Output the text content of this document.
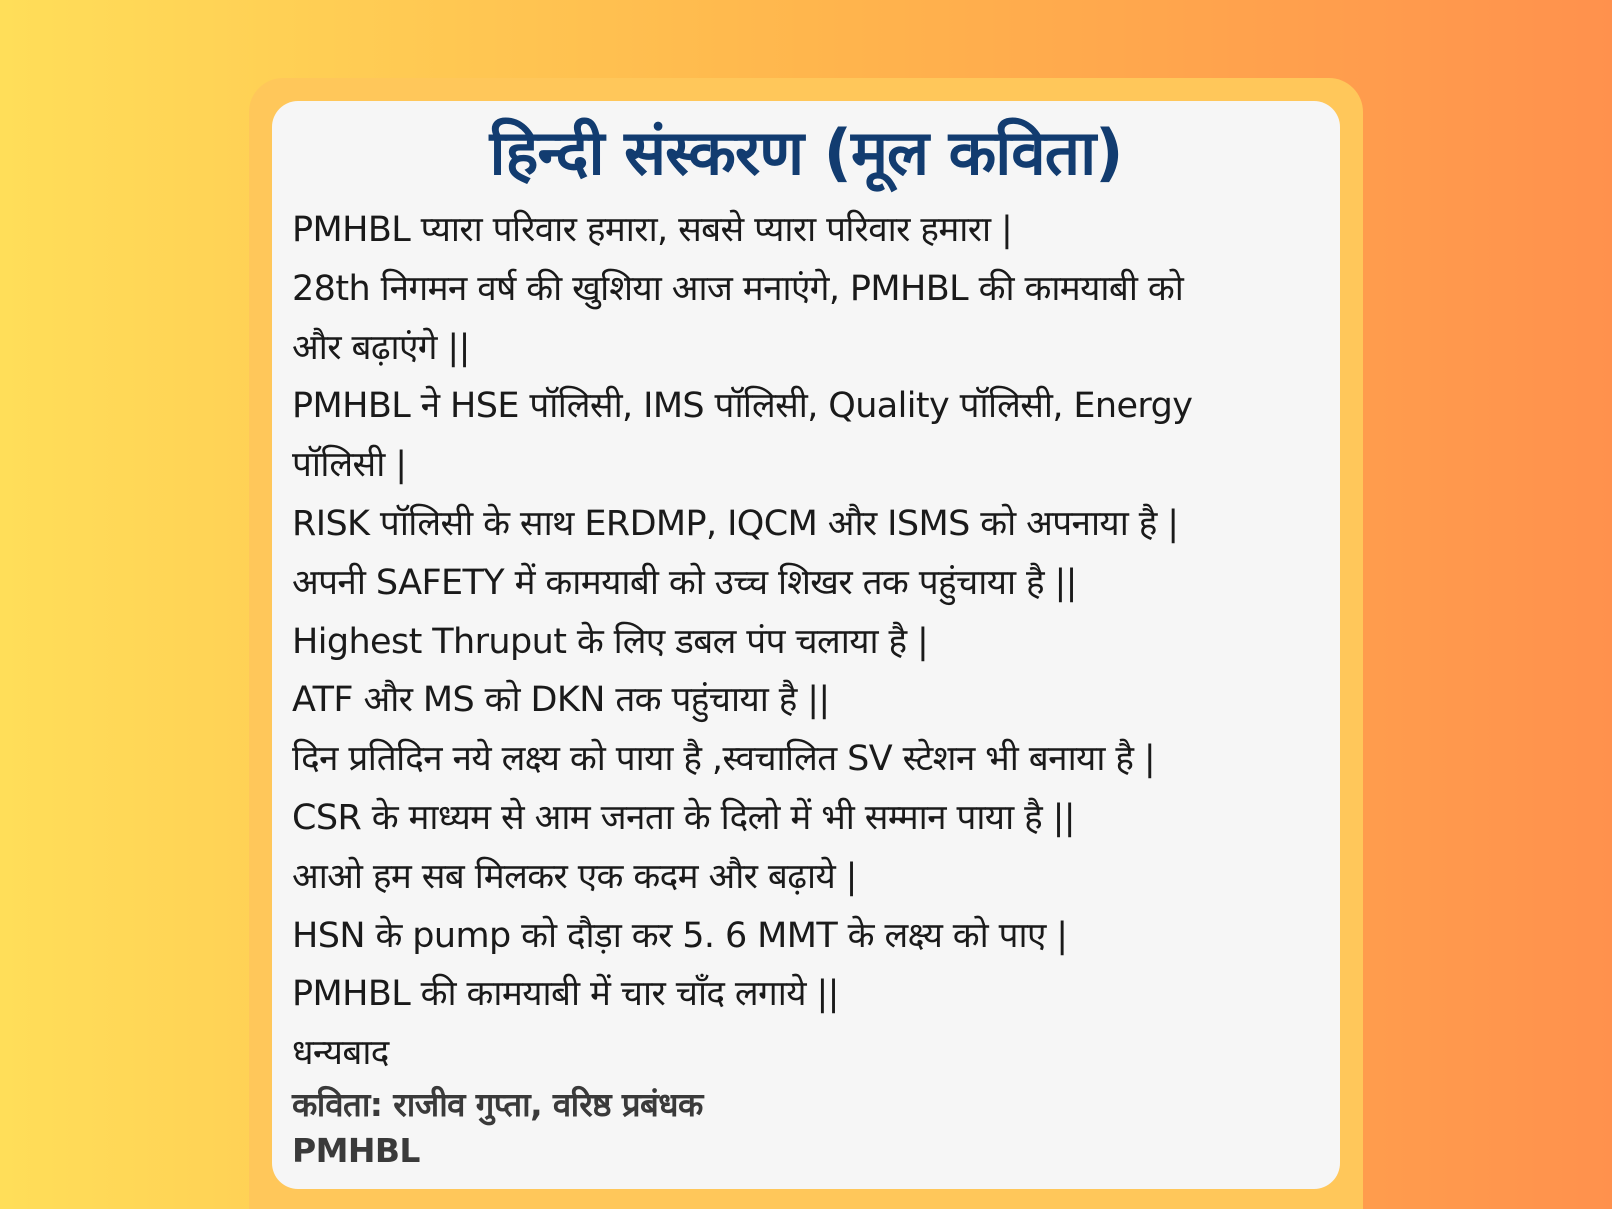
हिन्दी संस्करण (मूल कविता)
PMHBL प्यारा परिवार हमारा, सबसे प्यारा परिवार हमारा |
28th निगमन वर्ष की खुशिया आज मनाएंगे, PMHBL की कामयाबी को
और बढ़ाएंगे ||
PMHBL ने HSE पॉलिसी, IMS पॉलिसी, Quality पॉलिसी, Energy
पॉलिसी |
RISK पॉलिसी के साथ ERDMP, IQCM और ISMS को अपनाया है |
अपनी SAFETY में कामयाबी को उच्च शिखर तक पहुंचाया है ||
Highest Thruput के लिए डबल पंप चलाया है |
ATF और MS को DKN तक पहुंचाया है ||
दिन प्रतिदिन नये लक्ष्य को पाया है ,स्वचालित SV स्टेशन भी बनाया है |
CSR के माध्यम से आम जनता के दिलो में भी सम्मान पाया है ||
आओ हम सब मिलकर एक कदम और बढ़ाये |
HSN के pump को दौड़ा कर 5. 6 MMT के लक्ष्य को पाए |
PMHBL की कामयाबी में चार चाँद लगाये ||
धन्यबाद
कविता: राजीव गुप्ता, वरिष्ठ प्रबंधक
PMHBL
